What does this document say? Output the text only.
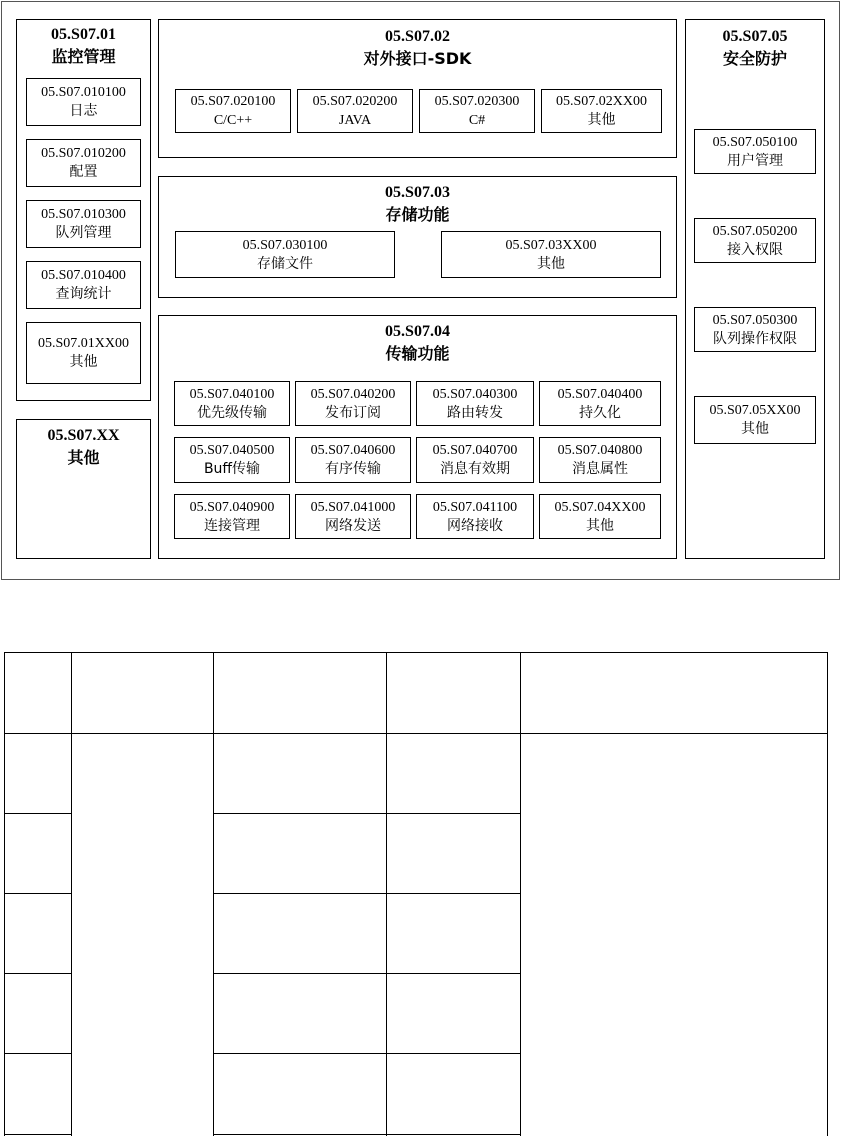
05.S07.01
监控管理
05.S07.010100
日志
05.S07.010200
配置
05.S07.010300
队列管理
05.S07.010400
查询统计
05.S07.01XX00
其他
05.S07.XX
其他
05.S07.02
对外接口-SDK
05.S07.020100
C/C++
05.S07.020200
JAVA
05.S07.020300
C#
05.S07.02XX00
其他
05.S07.03
存储功能
05.S07.030100
存储文件
05.S07.03XX00
其他
05.S07.04
传输功能
05.S07.040100
优先级传输
05.S07.040200
发布订阅
05.S07.040300
路由转发
05.S07.040400
持久化
05.S07.040500
Buff传输
05.S07.040600
有序传输
05.S07.040700
消息有效期
05.S07.040800
消息属性
05.S07.040900
连接管理
05.S07.041000
网络发送
05.S07.041100
网络接收
05.S07.04XX00
其他
05.S07.05
安全防护
05.S07.050100
用户管理
05.S07.050200
接入权限
05.S07.050300
队列操作权限
05.S07.05XX00
其他
